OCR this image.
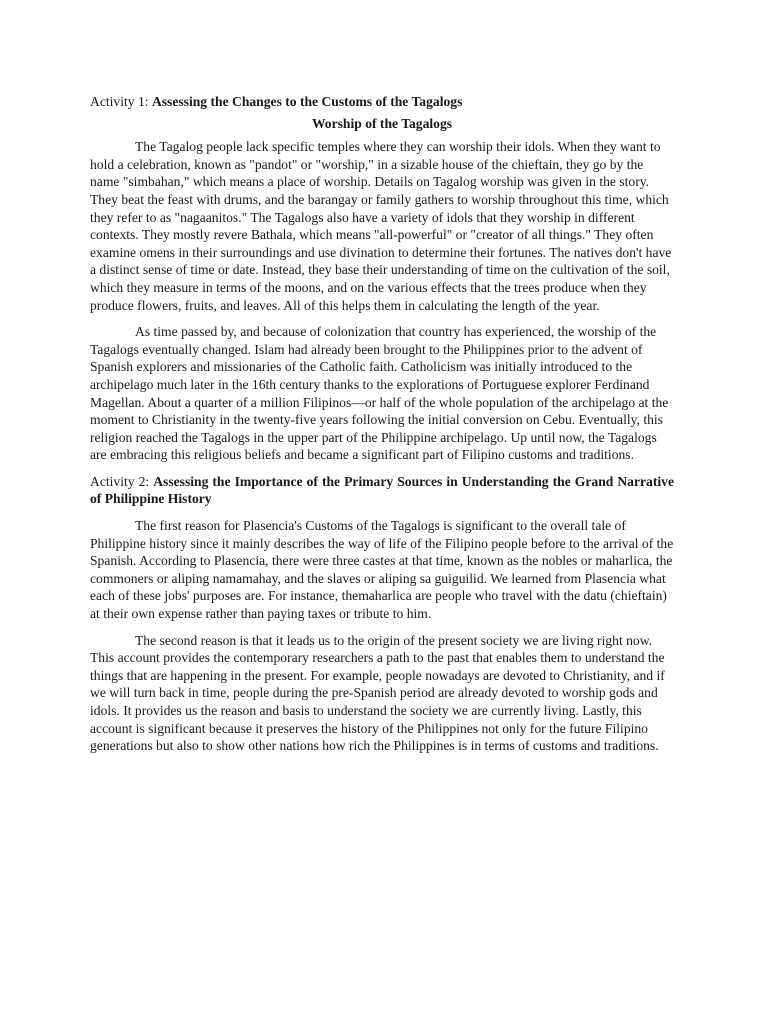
Activity 1: Assessing the Changes to the Customs of the Tagalogs
Worship of the Tagalogs

The Tagalog people lack specific temples where they can worship their idols. When they want to hold a celebration, known as "pandot" or "worship," in a sizable house of the chieftain, they go by the name "simbahan," which means a place of worship. Details on Tagalog worship was given in the story. They beat the feast with drums, and the barangay or family gathers to worship throughout this time, which they refer to as "nagaanitos." The Tagalogs also have a variety of idols that they worship in different contexts. They mostly revere Bathala, which means "all-powerful" or "creator of all things." They often examine omens in their surroundings and use divination to determine their fortunes. The natives don't have a distinct sense of time or date. Instead, they base their understanding of time on the cultivation of the soil, which they measure in terms of the moons, and on the various effects that the trees produce when they produce flowers, fruits, and leaves. All of this helps them in calculating the length of the year.

As time passed by, and because of colonization that country has experienced, the worship of the Tagalogs eventually changed. Islam had already been brought to the Philippines prior to the advent of Spanish explorers and missionaries of the Catholic faith. Catholicism was initially introduced to the archipelago much later in the 16th century thanks to the explorations of Portuguese explorer Ferdinand Magellan. About a quarter of a million Filipinos—or half of the whole population of the archipelago at the moment to Christianity in the twenty-five years following the initial conversion on Cebu. Eventually, this religion reached the Tagalogs in the upper part of the Philippine archipelago. Up until now, the Tagalogs are embracing this religious beliefs and became a significant part of Filipino customs and traditions.

Activity 2: Assessing the Importance of the Primary Sources in Understanding the Grand Narrative of Philippine History

The first reason for Plasencia's Customs of the Tagalogs is significant to the overall tale of Philippine history since it mainly describes the way of life of the Filipino people before to the arrival of the Spanish. According to Plasencia, there were three castes at that time, known as the nobles or maharlica, the commoners or aliping namamahay, and the slaves or aliping sa guiguilid. We learned from Plasencia what each of these jobs' purposes are. For instance, themaharlica are people who travel with the datu (chieftain) at their own expense rather than paying taxes or tribute to him.

The second reason is that it leads us to the origin of the present society we are living right now. This account provides the contemporary researchers a path to the past that enables them to understand the things that are happening in the present. For example, people nowadays are devoted to Christianity, and if we will turn back in time, people during the pre-Spanish period are already devoted to worship gods and idols. It provides us the reason and basis to understand the society we are currently living. Lastly, this account is significant because it preserves the history of the Philippines not only for the future Filipino generations but also to show other nations how rich the Philippines is in terms of customs and traditions.
